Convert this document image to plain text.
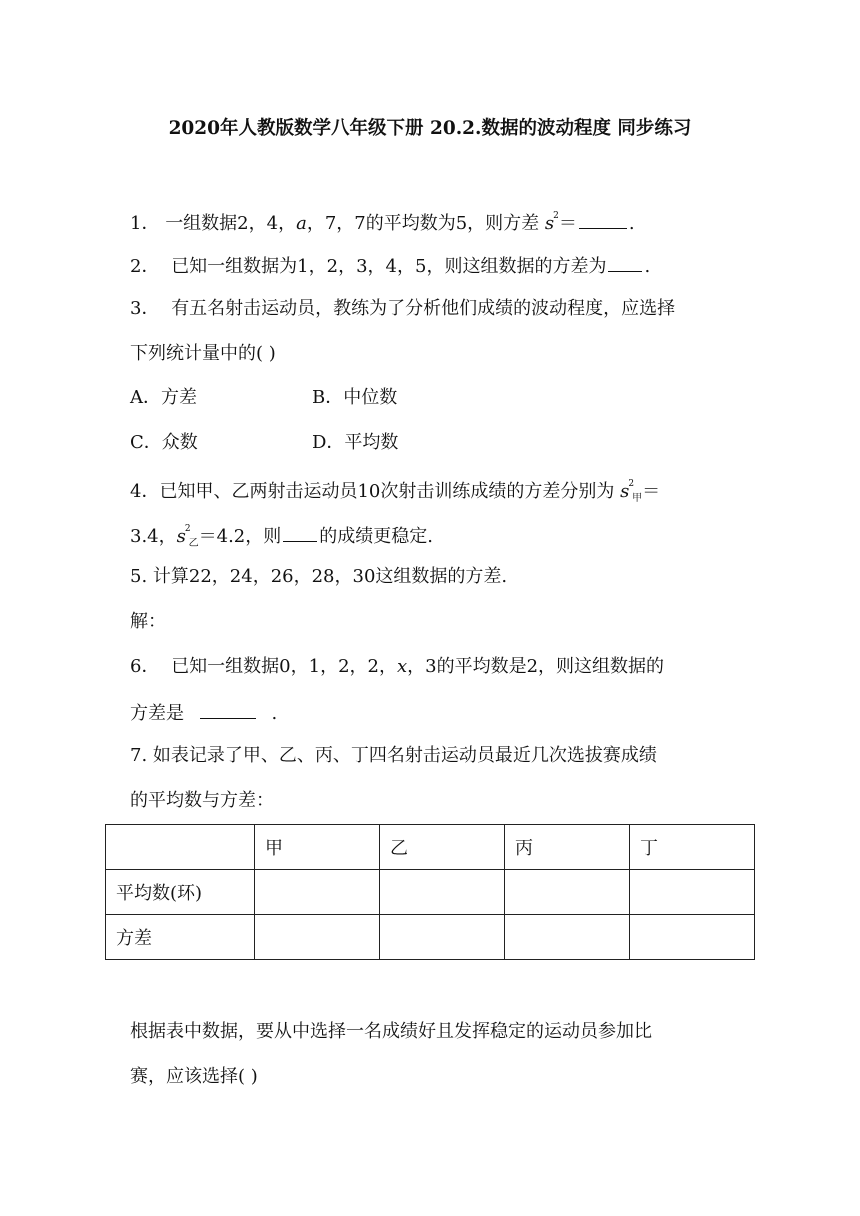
2020年人教版数学八年级下册 20.2.数据的波动程度 同步练习
1． 一组数据2，4，a，7，7的平均数为5，则方差 $s^2=$	.
2． 已知一组数据为1，2，3，4，5，则这组数据的方差为 .
3． 有五名射击运动员，教练为了分析他们成绩的波动程度，应选择
下列统计量中的( )
A．方差	B．中位数
C．众数	D．平均数
4．已知甲、乙两射击运动员10次射击训练成绩的方差分别为 $s^2_甲=$
3.4，$s^2_乙=4.2$，则 的成绩更稳定.
5. 计算22，24，26，28，30这组数据的方差.
解：
6． 已知一组数据0，1，2，2，x，3的平均数是2，则这组数据的
方差是	.
7. 如表记录了甲、乙、丙、丁四名射击运动员最近几次选拔赛成绩
的平均数与方差：
	甲	乙	丙	丁
平均数(环)				
方差				
根据表中数据，要从中选择一名成绩好且发挥稳定的运动员参加比
赛，应该选择( )
